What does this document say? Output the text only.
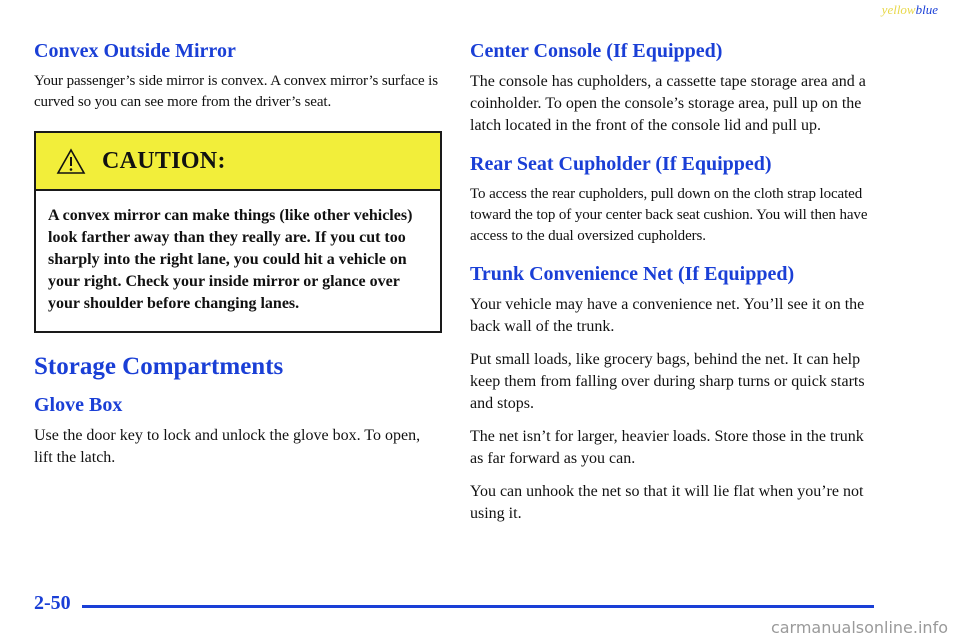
yellowblue
Convex Outside Mirror

Your passenger’s side mirror is convex. A convex mirror’s surface is curved so you can see more from the driver’s seat.

CAUTION:
A convex mirror can make things (like other vehicles) look farther away than they really are. If you cut too sharply into the right lane, you could hit a vehicle on your right. Check your inside mirror or glance over your shoulder before changing lanes.
Storage Compartments
Glove Box

Use the door key to lock and unlock the glove box. To open, lift the latch.

Center Console (If Equipped)

The console has cupholders, a cassette tape storage area and a coinholder. To open the console’s storage area, pull up on the latch located in the front of the console lid and pull up.

Rear Seat Cupholder (If Equipped)

To access the rear cupholders, pull down on the cloth strap located toward the top of your center back seat cushion. You will then have access to the dual oversized cupholders.

Trunk Convenience Net (If Equipped)

Your vehicle may have a convenience net. You’ll see it on the back wall of the trunk.

Put small loads, like grocery bags, behind the net. It can help keep them from falling over during sharp turns or quick starts and stops.

The net isn’t for larger, heavier loads. Store those in the trunk as far forward as you can.

You can unhook the net so that it will lie flat when you’re not using it.

2-50
carmanualsonline.info
